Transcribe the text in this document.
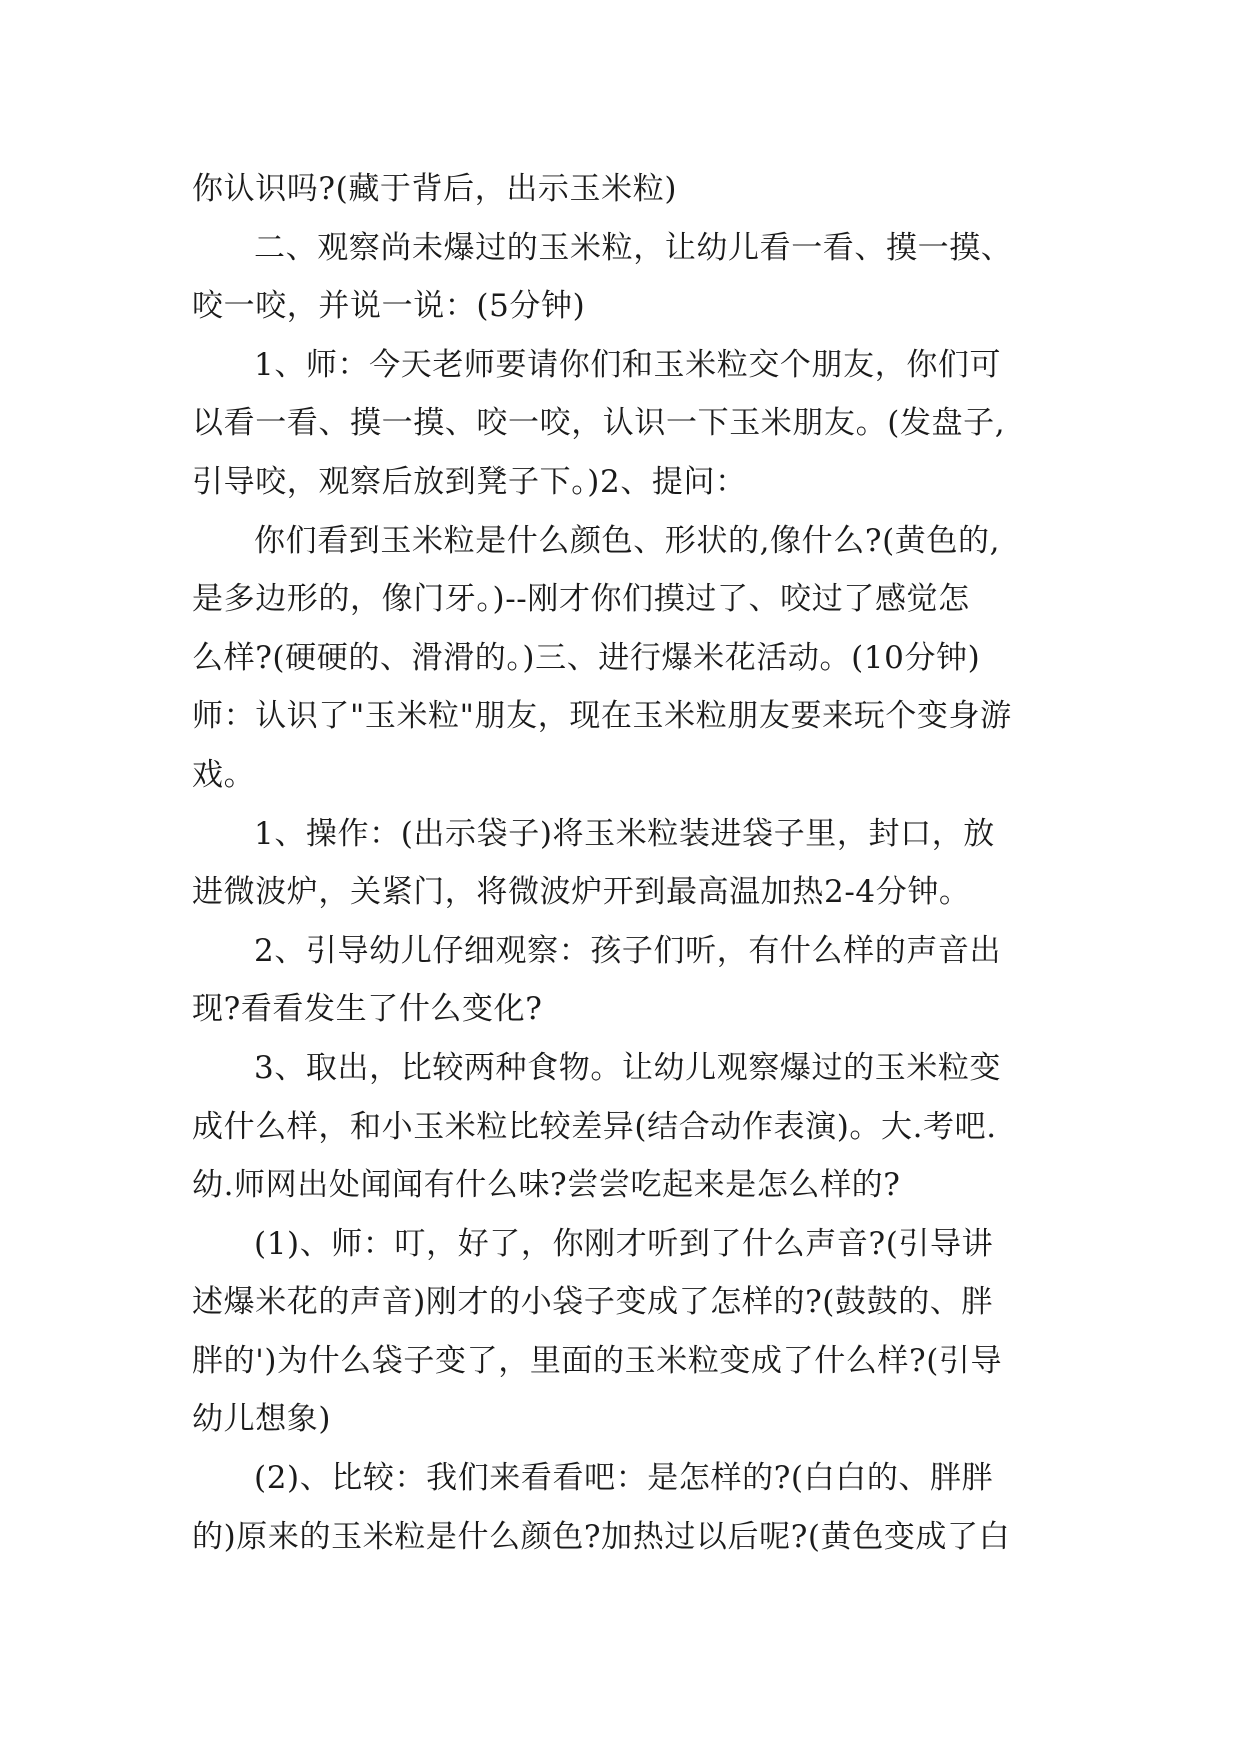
你认识吗?(藏于背后，出示玉米粒)
二、观察尚未爆过的玉米粒，让幼儿看一看、摸一摸、
咬一咬，并说一说：(5分钟)
1、师：今天老师要请你们和玉米粒交个朋友，你们可
以看一看、摸一摸、咬一咬，认识一下玉米朋友。(发盘子,
引导咬，观察后放到凳子下。)2、提问：
你们看到玉米粒是什么颜色、形状的,像什么?(黄色的,
是多边形的，像门牙。)--刚才你们摸过了、咬过了感觉怎
么样?(硬硬的、滑滑的。)三、进行爆米花活动。(10分钟)
师：认识了"玉米粒"朋友，现在玉米粒朋友要来玩个变身游
戏。
1、操作：(出示袋子)将玉米粒装进袋子里，封口，放
进微波炉，关紧门，将微波炉开到最高温加热2-4分钟。
2、引导幼儿仔细观察：孩子们听，有什么样的声音出
现?看看发生了什么变化?
3、取出，比较两种食物。让幼儿观察爆过的玉米粒变
成什么样，和小玉米粒比较差异(结合动作表演)。大.考吧.
幼.师网出处闻闻有什么味?尝尝吃起来是怎么样的?
(1)、师：叮，好了，你刚才听到了什么声音?(引导讲
述爆米花的声音)刚才的小袋子变成了怎样的?(鼓鼓的、胖
胖的')为什么袋子变了，里面的玉米粒变成了什么样?(引导
幼儿想象)
(2)、比较：我们来看看吧：是怎样的?(白白的、胖胖
的)原来的玉米粒是什么颜色?加热过以后呢?(黄色变成了白
